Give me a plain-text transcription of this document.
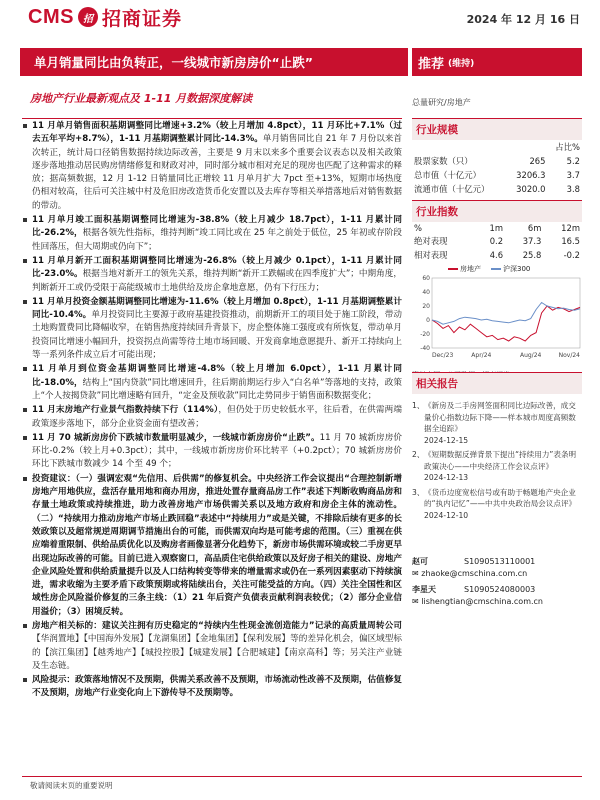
CMS 招 招商证券	2024 年 12 月 16 日
单月销量同比由负转正，一线城市新房房价“止跌”	推荐 (维持)
房地产行业最新观点及 1-11 月数据深度解读	总量研究/房地产
11 月单月销售面积基期调整同比增速+3.2%（较上月增加 4.8pct），11 月环比+7.1%（过去五年平均+8.7%），1-11 月基期调整累计同比-14.3%。单月销售同比自 21 年 7 月份以来首次转正，统计局口径销售数据持续边际改善，主要是 9 月末以来多个重要会议表态以及相关政策逐步落地推动居民购房情绪修复和财政对冲，同时部分城市相对充足的现房也匹配了这种需求的释放；据高频数据，12 月 1-12 日销量同比正增较 11 月单月扩大 7pct 至+13%，短期市场热度仍相对较高，往后可关注城中村及危旧房改造货币化安置以及去库存等相关举措落地后对销售数据的带动。
11 月单月竣工面积基期调整同比增速为-38.8%（较上月减少 18.7pct），1-11 月累计同比-26.2%，根据各领先性指标，维持判断“竣工同比或在 25 年之前处于低位，25 年初或存阶段性回落压，但大周期或仍向下”；
11 月单月新开工面积基期调整同比增速为-26.8%（较上月减少 0.1pct），1-11 月累计同比-23.0%。根据当地对新开工的领先关系，维持判断“新开工跌幅或在四季度扩大”；中期角度，判断新开工或仍受限于高能级城市土地供给及房企拿地意愿，仍有下行压力；
11 月单月投资金额基期调整同比增速为-11.6%（较上月增加 0.8pct），1-11 月基期调整累计同比-10.4%。单月投资同比主要源于政府基建投资推动，前期新开工的项目处于施工阶段，带动土地购置费同比降幅收窄，在销售热度持续回升背景下，房企整体施工强度或有所恢复，带动单月投资同比增速小幅回升，投资拐点尚需等待土地市场回暖、开发商拿地意愿提升、新开工持续向上等一系列条件成立后才可能出现；
11 月单月到位资金基期调整同比增速-4.8%（较上月增加 6.0pct），1-11 月累计同比-18.0%，结构上“国内贷款”同比增速回升，往后期前期运行步入“白名单”等落地的支持，政策上“个人按揭贷款”同比增速略有回升，“定金及预收款”同比走势同步于销售面积数据变化；
11 月末房地产行业景气指数持续下行（114%），但仍处于历史较低水平，往后看，在供需两端政策逐步落地下，部分企业资金面有望改善；
11 月 70 城新房房价下跌城市数量明显减少，一线城市新房房价“止跌”。11 月 70 城新房房价环比-0.2%（较上月+0.3pct）；其中，一线城市新房房价环比转平（+0.2pct）；70 城新房房价环比下跌城市数减少 14 个至 49 个；
投资建议：（一）强调宏观“先信用、后供需”的修复机会。中央经济工作会议提出“合理控制新增房地产用地供应，盘活存量用地和商办用房，推进处置存量商品房工作”表述下判断收购商品房和存量土地政策或持续推进，助力改善房地产市场供需关系以及地方政府和房企主体的流动性。（二）“持续用力推动房地产市场止跌回稳”表述中“持续用力”或是关键，不排除后续有更多的长效政策以及超常规逆周期调节措施出台的可能，而供需双向均是可能考虑的范围。（三）重视在供应端着重限制、供给品质优化以及购房者画像显著分化趋势下，新房市场供需环境或较二手房更早出现边际改善的可能。目前已进入观察窗口，高品质住宅供给政策以及好房子相关的建设、房地产企业风险处置和供给质量提升以及人口结构转变等带来的增量需求或仍在一系列因素驱动下持续演进，需求收缩为主要矛盾下政策预期或将陆续出台，关注可能受益的方向。（四）关注全国性和区域性房企风险溢价修复的三条主线：（1）21 年后资产负债表贡献利润表较优；（2）部分企业信用溢价；（3）困境反转。
房地产相关标的：建议关注拥有历史稳定的“持续内生性现金流创造能力”记录的高质量周转公司【华润置地】【中国海外发展】【龙湖集团】【金地集团】【保利发展】等的差异化机会，偏区域型标的【滨江集团】【越秀地产】【城投控股】【城建发展】【合肥城建】【南京高科】等；另关注产业链及生态链。
风险提示：政策落地情况不及预期，供需关系改善不及预期，市场流动性改善不及预期，估值修复不及预期，房地产行业变化向上下游传导不及预期等。
行业规模
		占比%
股票家数（只）	265	5.2
总市值（十亿元）	3206.3	3.7
流通市值（十亿元）	3020.0	3.8
行业指数
%	1m	6m	12m
绝对表现	0.2	37.3	16.5
相对表现	4.6	25.8	-0.2
房地产	沪深300
60
40
20
0
-20
-40
Dec/23	Apr/24	Aug/24	Nov/24
相关报告
1、 《新房及二手房网签面积同比边际改善，成交量价心指数边际下降——样本城市周度高频数据全追踪》
2024-12-15
2、 《短期数据反弹背景下提出“持续用力”表条明政策决心——中央经济工作会议点评》
2024-12-13
3、 《货币边度宽松信号或有助于畅题地产央企业的“执内记忆”——中共中央政治局会议点评》
2024-12-10
赵可	S1090513110001
✉ zhaoke@cmschina.com.cn
李星天	S1090524080003
✉ lishengtian@cmschina.com.cn
敬请阅读末页的重要说明
